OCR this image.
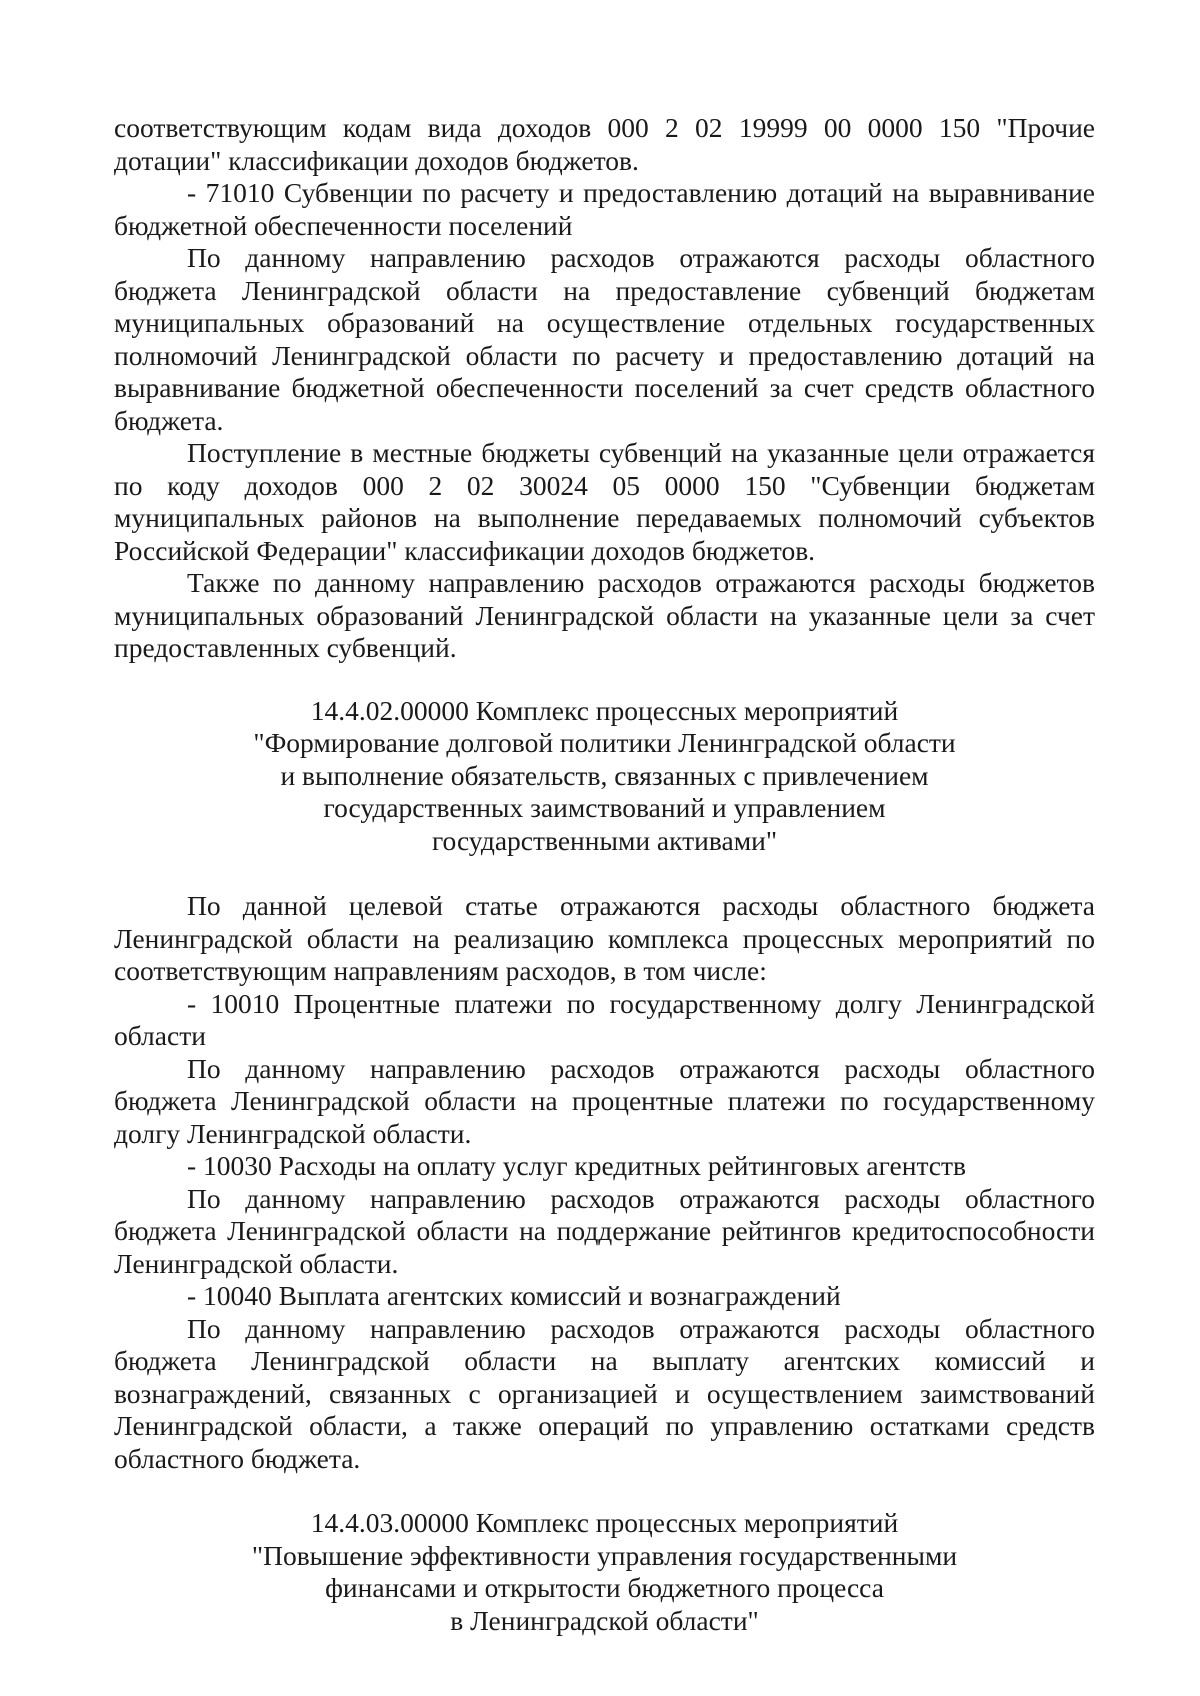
соответствующим кодам вида доходов 000 2 02 19999 00 0000 150 "Прочие дотации" классификации доходов бюджетов.

- 71010 Субвенции по расчету и предоставлению дотаций на выравнивание бюджетной обеспеченности поселений

По данному направлению расходов отражаются расходы областного бюджета Ленинградской области на предоставление субвенций бюджетам муниципальных образований на осуществление отдельных государственных полномочий Ленинградской области по расчету и предоставлению дотаций на выравнивание бюджетной обеспеченности поселений за счет средств областного бюджета.

Поступление в местные бюджеты субвенций на указанные цели отражается по коду доходов 000 2 02 30024 05 0000 150 "Субвенции бюджетам муниципальных районов на выполнение передаваемых полномочий субъектов Российской Федерации" классификации доходов бюджетов.

Также по данному направлению расходов отражаются расходы бюджетов муниципальных образований Ленинградской области на указанные цели за счет предоставленных субвенций.

14.4.02.00000 Комплекс процессных мероприятий
"Формирование долговой политики Ленинградской области
и выполнение обязательств, связанных с привлечением
государственных заимствований и управлением
государственными активами"

По данной целевой статье отражаются расходы областного бюджета Ленинградской области на реализацию комплекса процессных мероприятий по соответствующим направлениям расходов, в том числе:

- 10010 Процентные платежи по государственному долгу Ленинградской области

По данному направлению расходов отражаются расходы областного бюджета Ленинградской области на процентные платежи по государственному долгу Ленинградской области.

- 10030 Расходы на оплату услуг кредитных рейтинговых агентств

По данному направлению расходов отражаются расходы областного бюджета Ленинградской области на поддержание рейтингов кредитоспособности Ленинградской области.

- 10040 Выплата агентских комиссий и вознаграждений

По данному направлению расходов отражаются расходы областного бюджета Ленинградской области на выплату агентских комиссий и вознаграждений, связанных с организацией и осуществлением заимствований Ленинградской области, а также операций по управлению остатками средств областного бюджета.

14.4.03.00000 Комплекс процессных мероприятий
"Повышение эффективности управления государственными
финансами и открытости бюджетного процесса
в Ленинградской области"
